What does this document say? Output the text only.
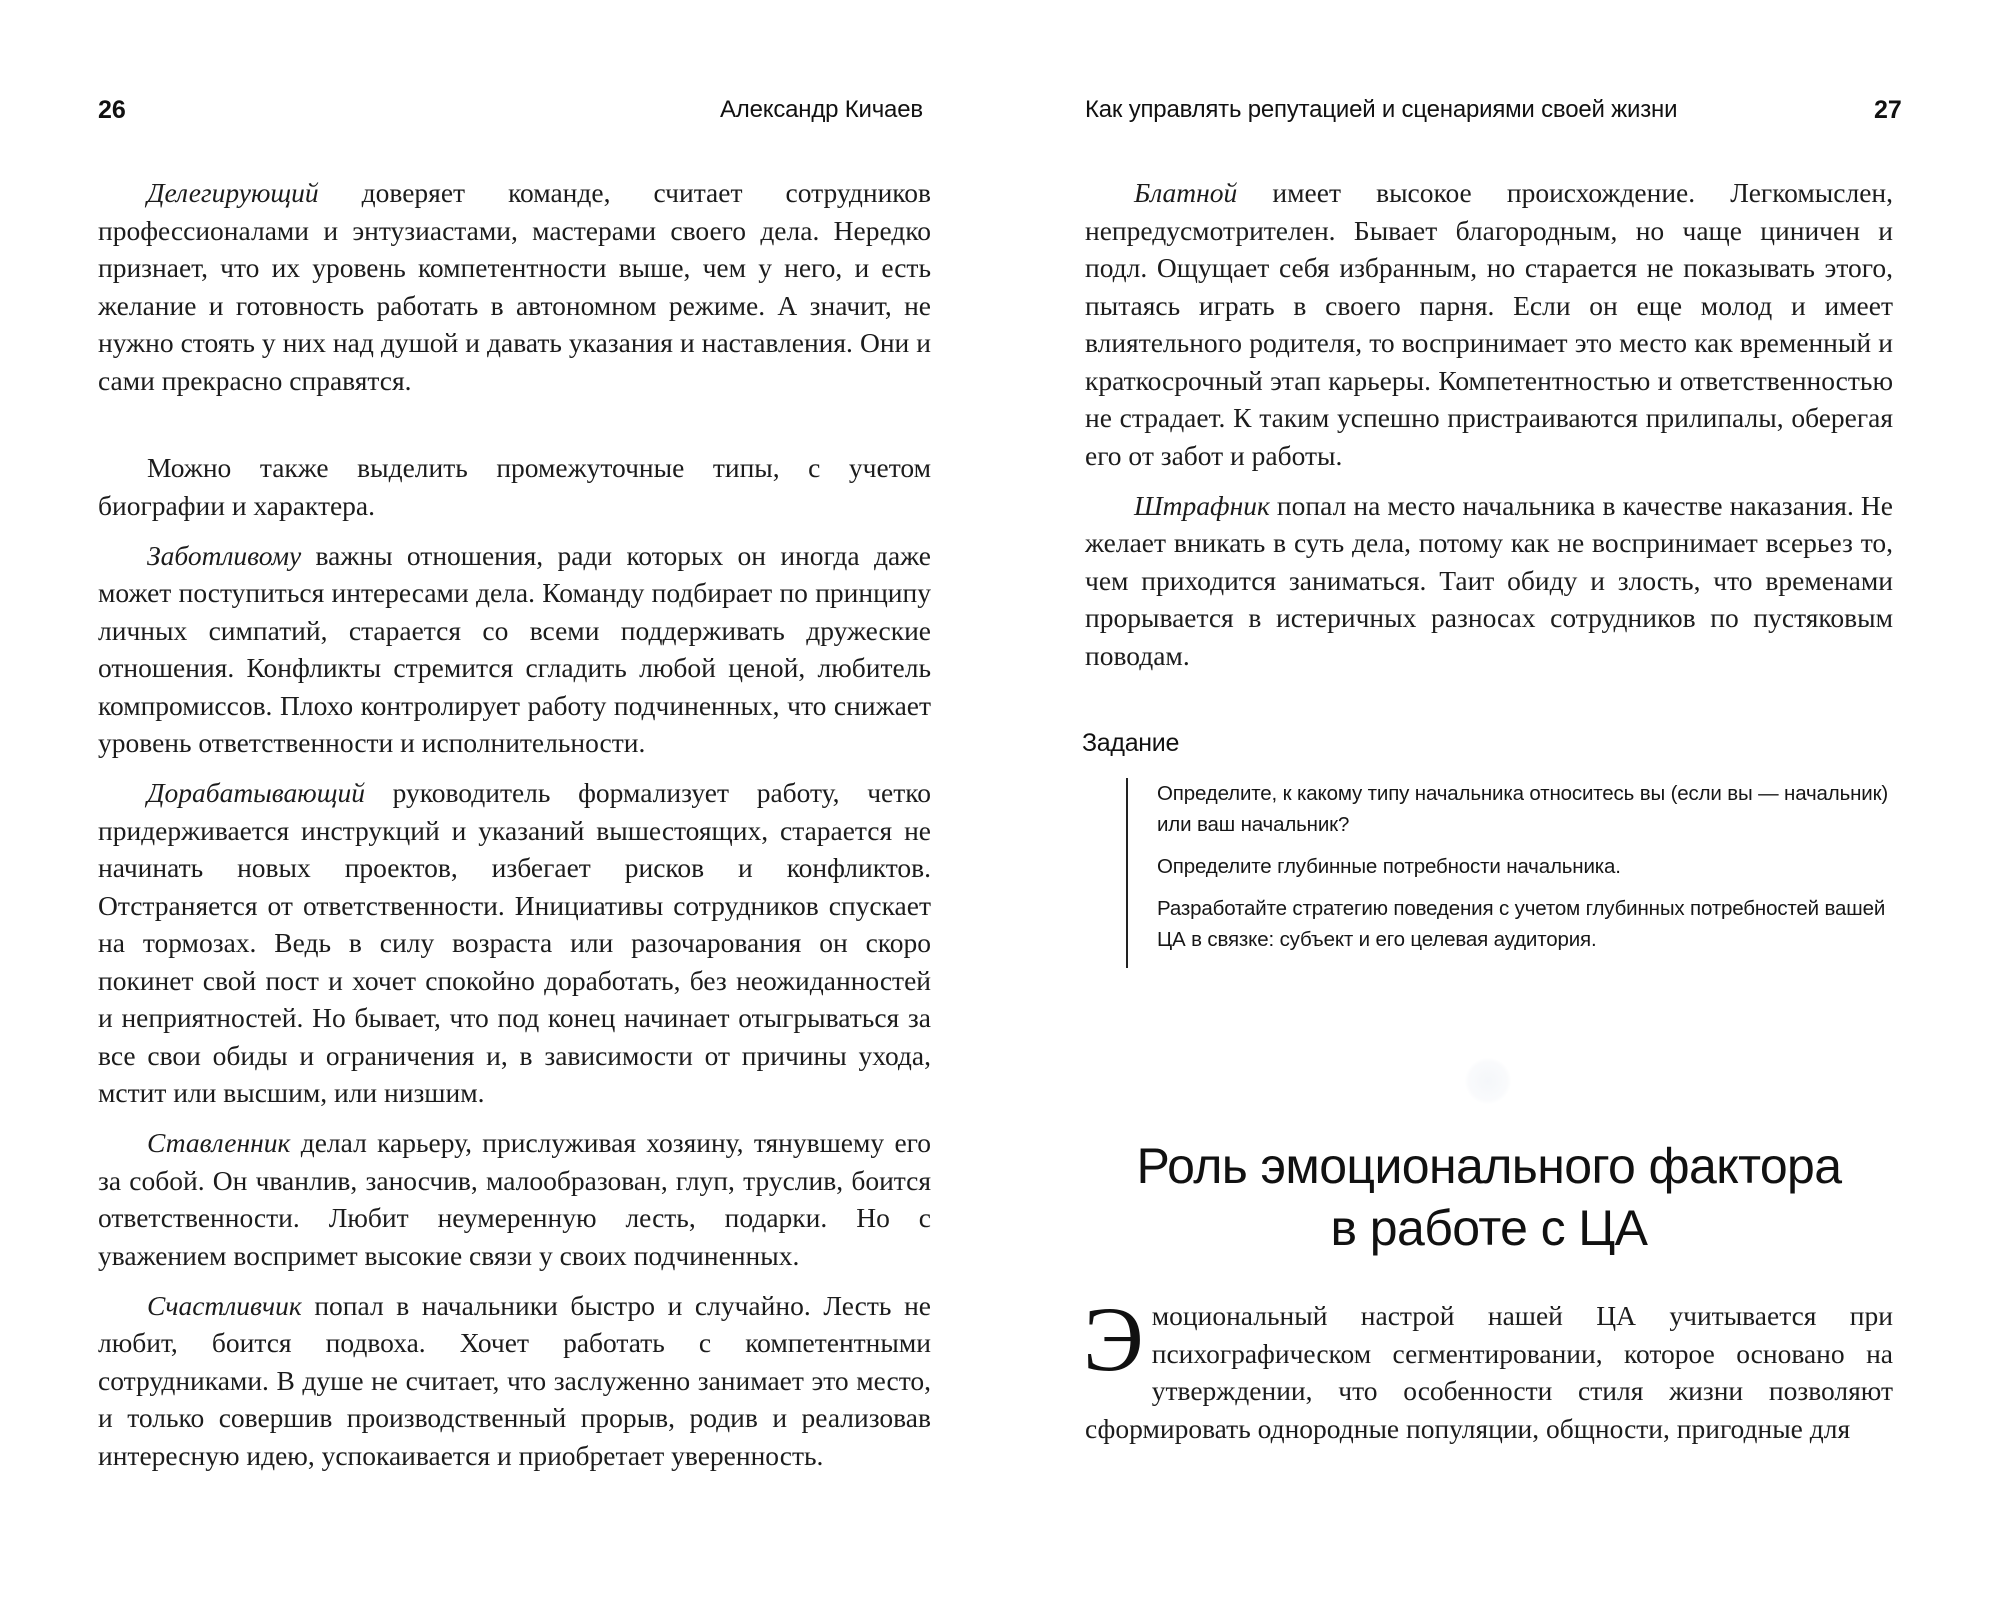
26	Александр Кичаев

Делегирующий доверяет команде, считает сотрудников профессионалами и энтузиастами, мастерами своего дела. Нередко признает, что их уровень компетентности выше, чем у него, и есть желание и готовность работать в автономном режиме. А значит, не нужно стоять у них над душой и давать указания и наставления. Они и сами прекрасно справятся.

Можно также выделить промежуточные типы, с учетом биографии и характера.

Заботливому важны отношения, ради которых он иногда даже может поступиться интересами дела. Команду подбирает по принципу личных симпатий, старается со всеми поддерживать дружеские отношения. Конфликты стремится сгладить любой ценой, любитель компромиссов. Плохо контролирует работу подчиненных, что снижает уровень ответственности и исполнительности.

Дорабатывающий руководитель формализует работу, четко придерживается инструкций и указаний вышестоящих, старается не начинать новых проектов, избегает рисков и конфликтов. Отстраняется от ответственности. Инициативы сотрудников спускает на тормозах. Ведь в силу возраста или разочарования он скоро покинет свой пост и хочет спокойно доработать, без неожиданностей и неприятностей. Но бывает, что под конец начинает отыгрываться за все свои обиды и ограничения и, в зависимости от причины ухода, мстит или высшим, или низшим.

Ставленник делал карьеру, прислуживая хозяину, тянувшему его за собой. Он чванлив, заносчив, малообразован, глуп, труслив, боится ответственности. Любит неумеренную лесть, подарки. Но с уважением воспримет высокие связи у своих подчиненных.

Счастливчик попал в начальники быстро и случайно. Лесть не любит, боится подвоха. Хочет работать с компетентными сотрудниками. В душе не считает, что заслуженно занимает это место, и только совершив производственный прорыв, родив и реализовав интересную идею, успокаивается и приобретает уверенность.

Как управлять репутацией и сценариями своей жизни	27

Блатной имеет высокое происхождение. Легкомыслен, непредусмотрителен. Бывает благородным, но чаще циничен и подл. Ощущает себя избранным, но старается не показывать этого, пытаясь играть в своего парня. Если он еще молод и имеет влиятельного родителя, то воспринимает это место как временный и краткосрочный этап карьеры. Компетентностью и ответственностью не страдает. К таким успешно пристраиваются прилипалы, оберегая его от забот и работы.

Штрафник попал на место начальника в качестве наказания. Не желает вникать в суть дела, потому как не воспринимает всерьез то, чем приходится заниматься. Таит обиду и злость, что временами прорывается в истеричных разносах сотрудников по пустяковым поводам.

Задание

Определите, к какому типу начальника относитесь вы (если вы — начальник) или ваш начальник?

Определите глубинные потребности начальника.

Разработайте стратегию поведения с учетом глубинных потребностей вашей ЦА в связке: субъект и его целевая аудитория.

Роль эмоционального фактора
в работе с ЦА

Эмоциональный настрой нашей ЦА учитывается при психографическом сегментировании, которое основано на утверждении, что особенности стиля жизни позволяют сформировать однородные популяции, общности, пригодные для
